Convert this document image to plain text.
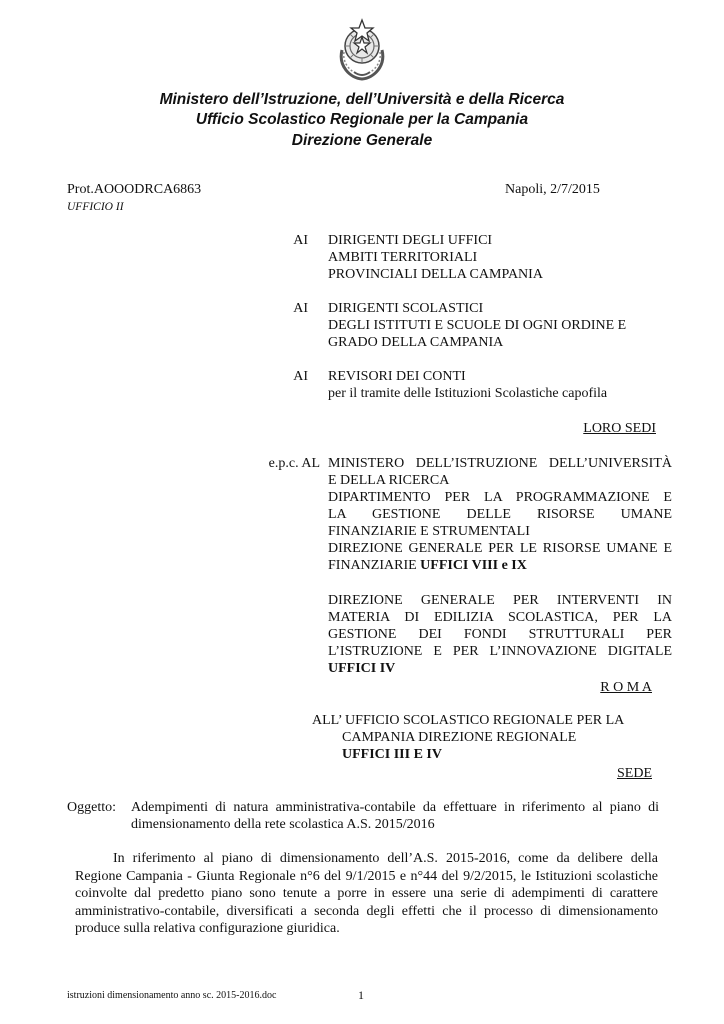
Ministero dell’Istruzione, dell’Università e della Ricerca
Ufficio Scolastico Regionale per la Campania
Direzione Generale
Prot.AOOODRCA6863
UFFICIO II
Napoli, 2/7/2015
AI DIRIGENTI DEGLI UFFICI
AMBITI TERRITORIALI
PROVINCIALI DELLA CAMPANIA
AI DIRIGENTI SCOLASTICI
DEGLI ISTITUTI E SCUOLE DI OGNI ORDINE E
GRADO DELLA CAMPANIA
AI REVISORI DEI CONTI
per il tramite delle Istituzioni Scolastiche capofila
LORO SEDI
e.p.c. AL MINISTERO DELL’ISTRUZIONE DELL’UNIVERSITÀ
E DELLA RICERCA
DIPARTIMENTO PER LA PROGRAMMAZIONE E
LA GESTIONE DELLE RISORSE UMANE
FINANZIARIE E STRUMENTALI
DIREZIONE GENERALE PER LE RISORSE UMANE E
FINANZIARIE UFFICI VIII e IX
DIREZIONE GENERALE PER INTERVENTI IN
MATERIA DI EDILIZIA SCOLASTICA, PER LA
GESTIONE DEI FONDI STRUTTURALI PER
L’ISTRUZIONE E PER L’INNOVAZIONE DIGITALE
UFFICI IV
R O M A
ALL’ UFFICIO SCOLASTICO REGIONALE PER LA
CAMPANIA DIREZIONE REGIONALE
UFFICI III E IV
SEDE
Oggetto: Adempimenti di natura amministrativa-contabile da effettuare in riferimento al piano di
dimensionamento della rete scolastica A.S. 2015/2016
In riferimento al piano di dimensionamento dell’A.S. 2015-2016, come da delibere della Regione Campania - Giunta Regionale n°6 del 9/1/2015 e n°44 del 9/2/2015, le Istituzioni scolastiche coinvolte dal predetto piano sono tenute a porre in essere una serie di adempimenti di carattere amministrativo-contabile, diversificati a seconda degli effetti che il processo di dimensionamento produce sulla relativa configurazione giuridica.
istruzioni dimensionamento anno sc. 2015-2016.doc	1
